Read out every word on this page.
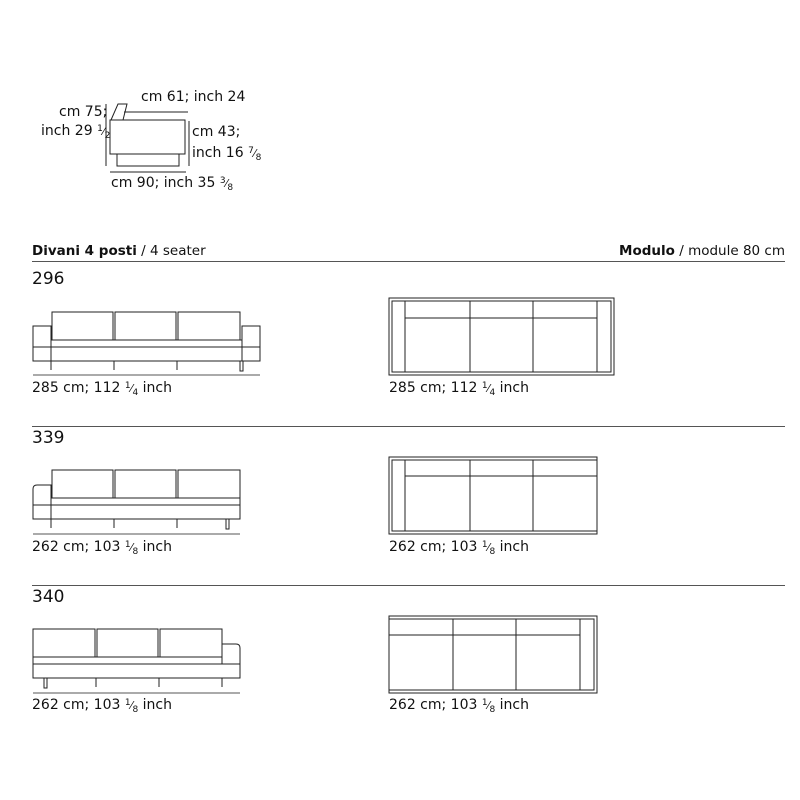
cm 75;
inch 29 $^1⁄_2$
cm 61; inch 24
cm 43;
inch 16 $^7⁄_8$
cm 90; inch 35 $^3⁄_8$
Divani 4 posti / 4 seater	Modulo / module 80 cm
296
285 cm; 112 $^1⁄_4$ inch	285 cm; 112 $^1⁄_4$ inch
339
262 cm; 103 $^1⁄_8$ inch	262 cm; 103 $^1⁄_8$ inch
340
262 cm; 103 $^1⁄_8$ inch	262 cm; 103 $^1⁄_8$ inch
